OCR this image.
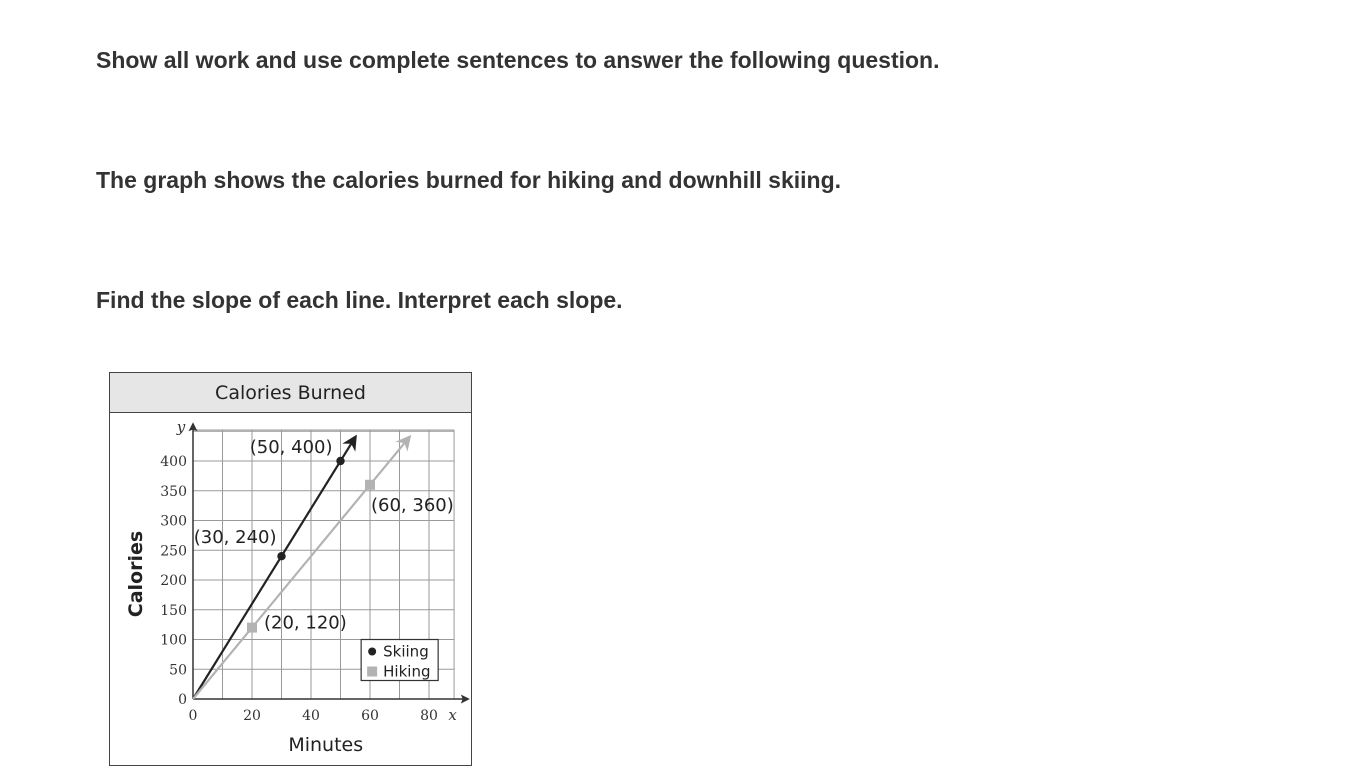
Show all work and use complete sentences to answer the following question.

The graph shows the calories burned for hiking and downhill skiing.

Find the slope of each line. Interpret each slope.

Calories Burned
0	20	40	60	80
0
50
100
150
200
250
300
350
400
x
y
Minutes
Calories	(30, 240)
(50, 400)
(20, 120)
(60, 360)
Skiing
Hiking
